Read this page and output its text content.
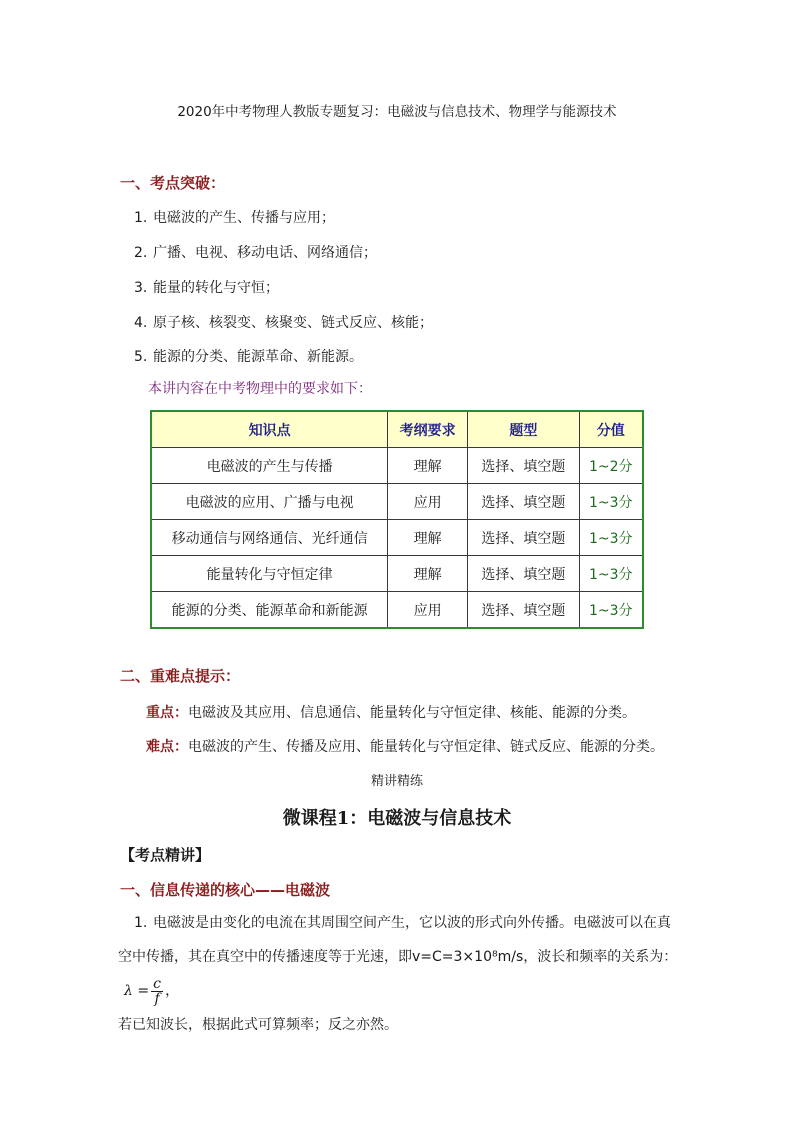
2020年中考物理人教版专题复习：电磁波与信息技术、物理学与能源技术
一、考点突破：
1. 电磁波的产生、传播与应用；
2. 广播、电视、移动电话、网络通信；
3. 能量的转化与守恒；
4. 原子核、核裂变、核聚变、链式反应、核能；
5. 能源的分类、能源革命、新能源。
本讲内容在中考物理中的要求如下：
知识点	考纲要求	题型	分值
电磁波的产生与传播	理解	选择、填空题	1~2分
电磁波的应用、广播与电视	应用	选择、填空题	1~3分
移动通信与网络通信、光纤通信	理解	选择、填空题	1~3分
能量转化与守恒定律	理解	选择、填空题	1~3分
能源的分类、能源革命和新能源	应用	选择、填空题	1~3分
二、重难点提示：
重点：电磁波及其应用、信息通信、能量转化与守恒定律、核能、能源的分类。
难点：电磁波的产生、传播及应用、能量转化与守恒定律、链式反应、能源的分类。
精讲精练
微课程1：电磁波与信息技术
【考点精讲】
一、信息传递的核心——电磁波
1. 电磁波是由变化的电流在其周围空间产生，它以波的形式向外传播。电磁波可以在真
空中传播，其在真空中的传播速度等于光速，即v=C=3×10⁸m/s，波长和频率的关系为：$\lambda = \frac{c}{f}$ ，
若已知波长，根据此式可算频率；反之亦然。
